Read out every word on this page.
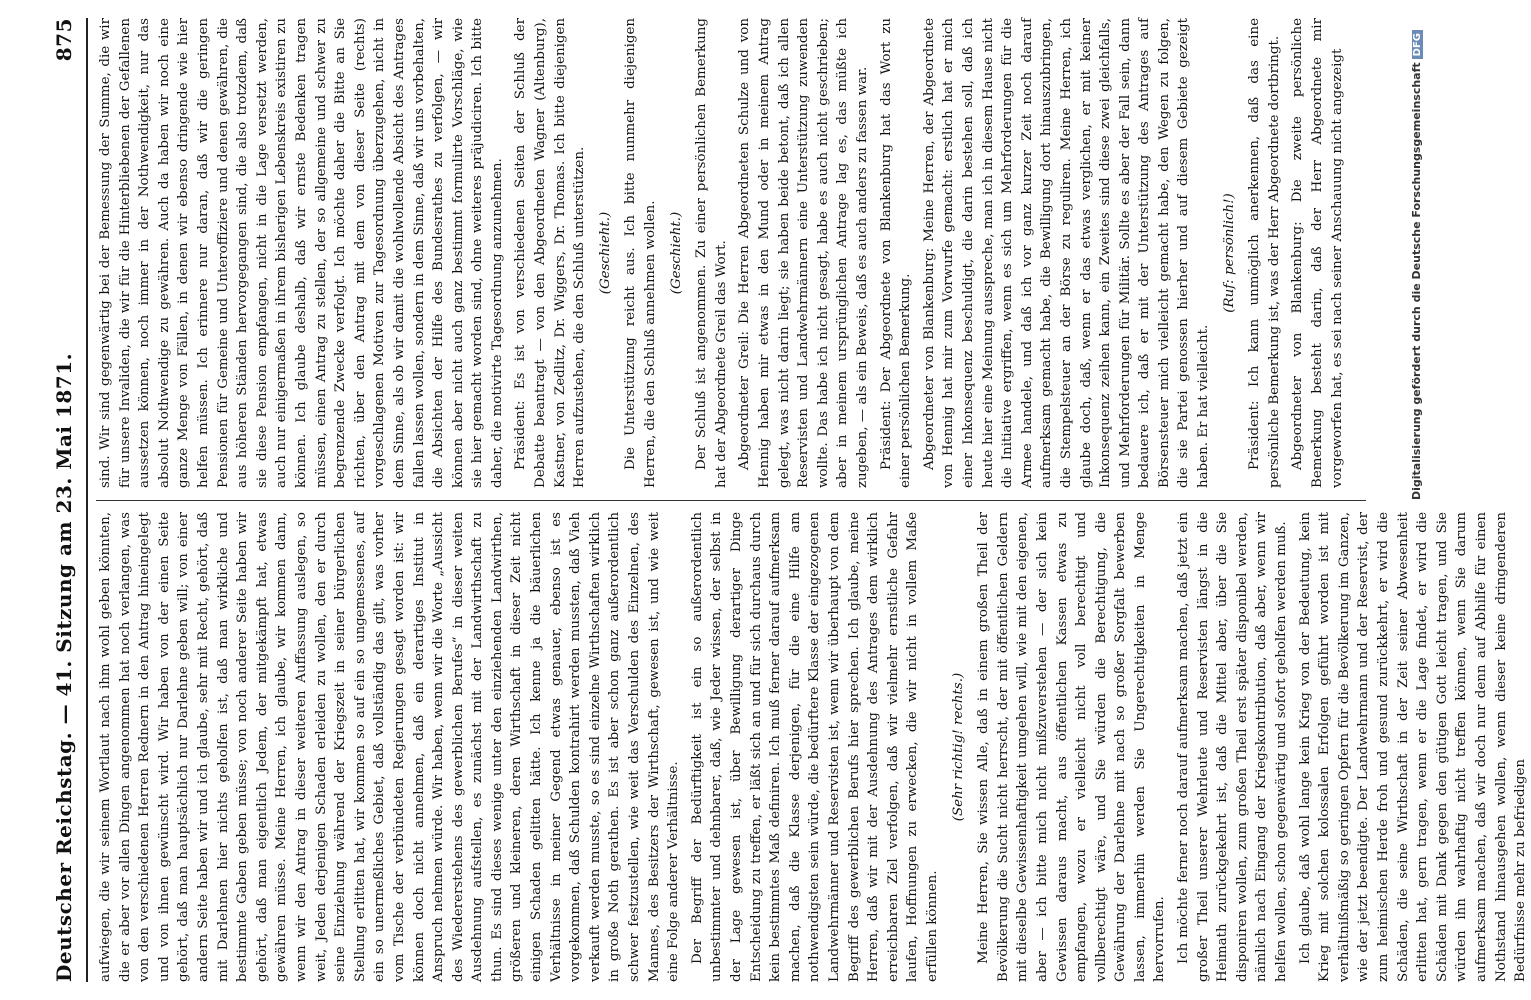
Deutscher Reichstag. — 41. Sitzung am 23. Mai 1871.
875

aufwiegen, die wir seinem Wortlaut nach ihm wohl geben könnten, die er aber vor allen Dingen angenommen hat noch verlangen, was von den verschiedenen Herren Rednern in den Antrag hineingelegt und von ihnen gewünscht wird. Wir haben von der einen Seite gehört, daß man hauptsächlich nur Darlehne geben will; von einer andern Seite haben wir und ich glaube, sehr mit Recht, gehört, daß mit Darlehnen hier nichts geholfen ist, daß man wirkliche und bestimmte Gaben geben müsse; von noch anderer Seite haben wir gehört, daß man eigentlich Jedem, der mitgekämpft hat, etwas gewähren müsse. Meine Herren, ich glaube, wir kommen dann, wenn wir den Antrag in dieser weiteren Auffassung auslegen, so weit, Jeden derjenigen Schaden erleiden zu wollen, den er durch seine Einziehung während der Kriegszeit in seiner bürgerlichen Stellung erlitten hat, wir kommen so auf ein so ungemessenes, auf ein so unermeßliches Gebiet, daß vollständig das gilt, was vorher vom Tische der verbündeten Regierungen gesagt worden ist: wir können doch nicht annehmen, daß ein derartiges Institut in Anspruch nehmen würde. Wir haben, wenn wir die Worte „Aussicht des Wiedererstehens des gewerblichen Berufes“ in dieser weiten Ausdehnung aufstellen, es zunächst mit der Landwirthschaft zu thun. Es sind dieses wenige unter den einziehenden Landwirthen, größeren und kleineren, deren Wirthschaft in dieser Zeit nicht einigen Schaden gelitten hätte. Ich kenne ja die bäuerlichen Verhältnisse in meiner Gegend etwas genauer, ebenso ist es vorgekommen, daß Schulden kontrahirt werden mussten, daß Vieh verkauft werden musste, so es sind einzelne Wirthschaften wirklich in große Noth gerathen. Es ist aber schon ganz außerordentlich schwer festzustellen, wie weit das Verschulden des Einzelnen, des Mannes, des Besitzers der Wirthschaft, gewesen ist, und wie weit eine Folge anderer Verhältnisse. Der Begriff der Bedürftigkeit ist ein so außerordentlich unbestimmter und dehnbarer, daß, wie Jeder wissen, der selbst in der Lage gewesen ist, über Bewilligung derartiger Dinge Entscheidung zu treffen, er läßt sich an und für sich durchaus durch kein bestimmtes Maß definiren. Ich muß ferner darauf aufmerksam machen, daß die Klasse derjenigen, für die eine Hilfe am nothwendigsten sein würde, die bedürftere Klasse der eingezogenen Landwehrmänner und Reservisten ist, wenn wir überhaupt von dem Begriff des gewerblichen Berufs hier sprechen. Ich glaube, meine Herren, daß wir mit der Ausdehnung des Antrages dem wirklich erreichbaren Ziel verfolgen, daß wir vielmehr ernstliche Gefahr laufen, Hoffnungen zu erwecken, die wir nicht in vollem Maße erfüllen können.

(Sehr richtig! rechts.) Meine Herren, Sie wissen Alle, daß in einem großen Theil der Bevölkerung die Sucht nicht herrscht, der mit öffentlichen Geldern mit dieselbe Gewissenhaftigkeit umgehen will, wie mit den eigenen, aber — ich bitte mich nicht mißzuverstehen — der sich kein Gewissen daraus macht, aus öffentlichen Kassen etwas zu empfangen, wozu er vielleicht nicht voll berechtigt und vollberechtigt wäre, und Sie würden die Berechtigung, die Gewährung der Darlehne mit nach so großer Sorgfalt bewerben lassen, immerhin werden Sie Ungerechtigkeiten in Menge hervorrufen. Ich möchte ferner noch darauf aufmerksam machen, daß jetzt ein großer Theil unserer Wehrleute und Reservisten längst in die Heimath zurückgekehrt ist, daß die Mittel aber, über die Sie disponiren wollen, zum großen Theil erst später disponibel werden, nämlich nach Eingang der Kriegskontribution, daß aber, wenn wir helfen wollen, schon gegenwärtig und sofort geholfen werden muß. Ich glaube, daß wohl lange kein Krieg von der Bedeutung, kein Krieg mit solchen kolossalen Erfolgen geführt worden ist mit verhältnißmäßig so geringen Opfern für die Bevölkerung im Ganzen, wie der jetzt beendigte. Der Landwehrmann und der Reservist, der zum heimischen Herde froh und gesund zurückkehrt, er wird die Schäden, die seine Wirthschaft in der Zeit seiner Abwesenheit erlitten hat, gern tragen, wenn er die Lage findet, er wird die Schäden mit Dank gegen den gütigen Gott leicht tragen, und Sie würden ihn wahrhaftig nicht treffen können, wenn Sie darum aufmerksam machen, daß wir doch nur denn auf Abhilfe für einen Nothstand hinausgehen wollen, wenn dieser keine dringenderen Bedürfnisse mehr zu befriedigen

sind. Wir sind gegenwärtig bei der Bemessung der Summe, die wir für unsere Invaliden, die wir für die Hinterbliebenen der Gefallenen aussetzen können, noch immer in der Nothwendigkeit, nur das absolut Nothwendige zu gewähren. Auch da haben wir noch eine ganze Menge von Fällen, in denen wir ebenso dringende wie hier helfen müssen. Ich erinnere nur daran, daß wir die geringen Pensionen für Gemeine und Unteroffiziere und denen gewähren, die aus höheren Ständen hervorgegangen sind, die also trotzdem, daß sie diese Pension empfangen, nicht in die Lage versetzt werden, auch nur einigermaßen in ihrem bisherigen Lebenskreis existiren zu können. Ich glaube deshalb, daß wir ernste Bedenken tragen müssen, einen Antrag zu stellen, der so allgemeine und schwer zu begrenzende Zwecke verfolgt. Ich möchte daher die Bitte an Sie richten, über den Antrag mit dem von dieser Seite (rechts) vorgeschlagenen Motiven zur Tagesordnung überzugehen, nicht in dem Sinne, als ob wir damit die wohlwollende Absicht des Antrages fallen lassen wollen, sondern in dem Sinne, daß wir uns vorbehalten, die Absichten der Hilfe des Bundesrathes zu verfolgen, — wir können aber nicht auch ganz bestimmt formulirte Vorschläge, wie sie hier gemacht worden sind, ohne weiteres präjudiciren. Ich bitte daher, die motivirte Tagesordnung anzunehmen. Präsident: Es ist von verschiedenen Seiten der Schluß der Debatte beantragt — von den Abgeordneten Wagner (Altenburg), Kastner, von Zedlitz, Dr. Wiggers, Dr. Thomas. Ich bitte diejenigen Herren aufzustehen, die den Schluß unterstützen. (Geschieht.) Die Unterstützung reicht aus. Ich bitte nunmehr diejenigen Herren, die den Schluß annehmen wollen. (Geschieht.) Der Schluß ist angenommen. Zu einer persönlichen Bemerkung hat der Abgeordnete Greil das Wort. Abgeordneter Greil: Die Herren Abgeordneten Schulze und von Hennig haben mir etwas in den Mund oder in meinem Antrag gelegt, was nicht darin liegt; sie haben beide betont, daß ich allen Reservisten und Landwehrmännern eine Unterstützung zuwenden wollte. Das habe ich nicht gesagt, habe es auch nicht geschrieben; aber in meinem ursprünglichen Antrage lag es, das müßte ich zugeben, — als ein Beweis, daß es auch anders zu fassen war. Präsident: Der Abgeordnete von Blankenburg hat das Wort zu einer persönlichen Bemerkung. Abgeordneter von Blankenburg: Meine Herren, der Abgeordnete von Hennig hat mir zum Vorwurfe gemacht: erstlich hat er mich einer Inkonsequenz beschuldigt, die darin bestehen soll, daß ich heute hier eine Meinung ausspreche, man ich in diesem Hause nicht die Initiative ergriffen, wenn es sich um Mehrforderungen für die Armee handele, und daß ich vor ganz kurzer Zeit noch darauf aufmerksam gemacht habe, die Bewilligung dort hinauszubringen, die Stempelsteuer an der Börse zu reguliren. Meine Herren, ich glaube doch, daß, wenn er das etwas verglichen, er mit keiner Inkonsequenz zeihen kann, ein Zweites sind diese zwei gleichfalls, und Mehrforderungen für Militär. Sollte es aber der Fall sein, dann bedauere ich, daß er mit der Unterstützung des Antrages auf Börsensteuer mich vielleicht gemacht habe, den Wegen zu folgen, die sie Partei genossen hierher und auf diesem Gebiete gezeigt haben. Er hat vielleicht.

(Ruf: persönlich!) Präsident: Ich kann unmöglich anerkennen, daß das eine persönliche Bemerkung ist, was der Herr Abgeordnete dortbringt. Abgeordneter von Blankenburg: Die zweite persönliche Bemerkung besteht darin, daß der Herr Abgeordnete mir vorgeworfen hat, es sei nach seiner Anschauung nicht angezeigt	Digitalisierung gefördert durch die Deutsche ForschungsgemeinschaftDFG
